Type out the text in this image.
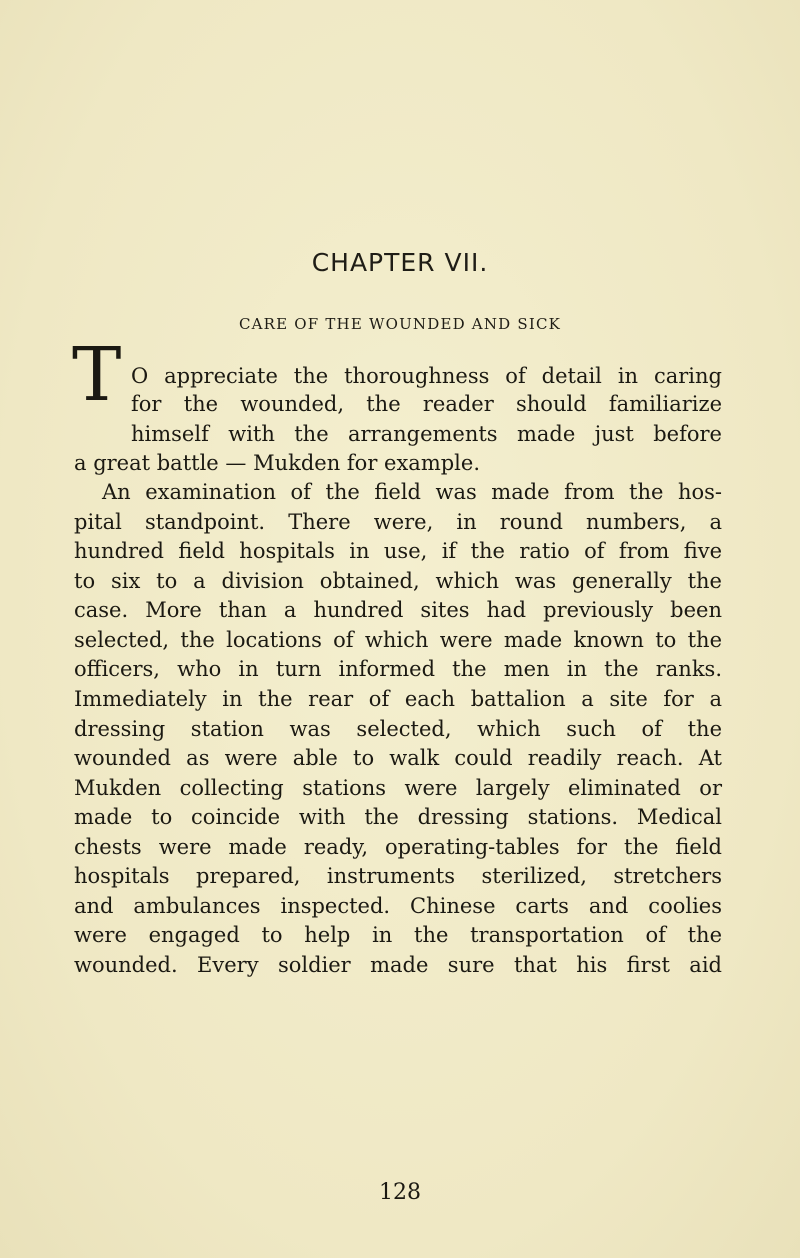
CHAPTER VII.
CARE OF THE WOUNDED AND SICK
T O appreciate the thoroughness of detail in caring
for the wounded, the reader should familiarize
himself with the arrangements made just before
a great battle — Mukden for example.
An examination of the field was made from the hos-
pital standpoint. There were, in round numbers, a
hundred field hospitals in use, if the ratio of from five
to six to a division obtained, which was generally the
case. More than a hundred sites had previously been
selected, the locations of which were made known to the
officers, who in turn informed the men in the ranks.
Immediately in the rear of each battalion a site for a
dressing station was selected, which such of the
wounded as were able to walk could readily reach. At
Mukden collecting stations were largely eliminated or
made to coincide with the dressing stations. Medical
chests were made ready, operating-tables for the field
hospitals prepared, instruments sterilized, stretchers
and ambulances inspected. Chinese carts and coolies
were engaged to help in the transportation of the
wounded. Every soldier made sure that his first aid
128
